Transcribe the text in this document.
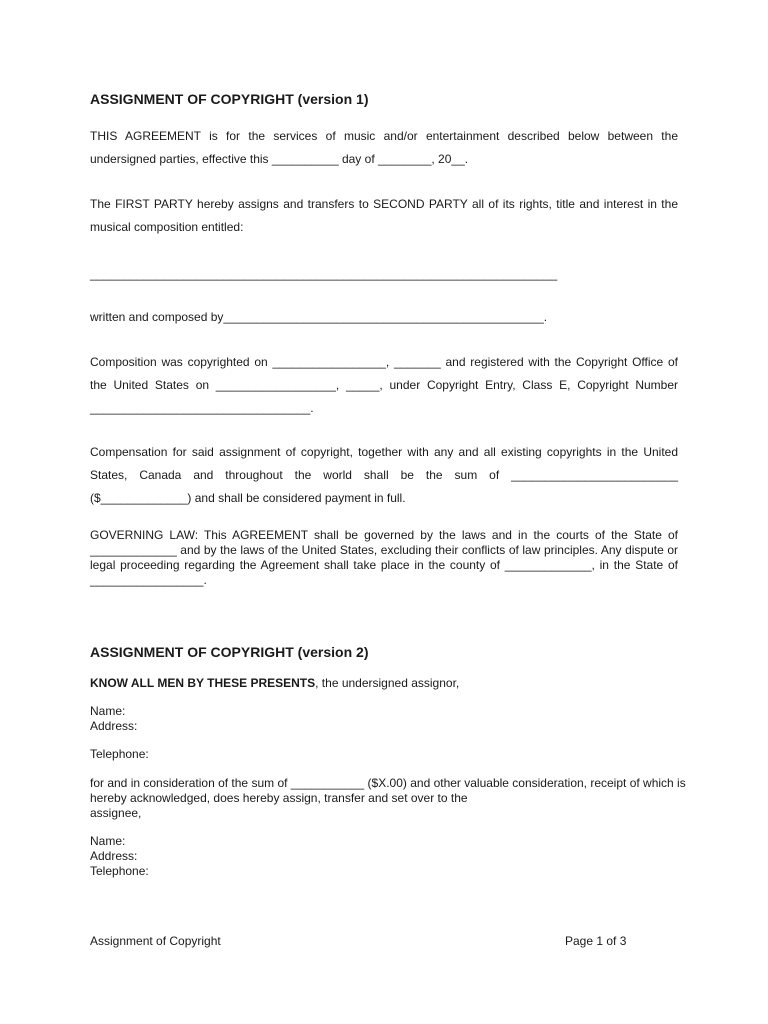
ASSIGNMENT OF COPYRIGHT (version 1)
THIS AGREEMENT is for the services of music and/or entertainment described below between the undersigned parties, effective this __________ day of ________, 20__.
The FIRST PARTY hereby assigns and transfers to SECOND PARTY all of its rights, title and interest in the musical composition entitled:
______________________________________________________________________
written and composed by________________________________________________.
Composition was copyrighted on _________________, _______ and registered with the Copyright Office of the United States on __________________, _____, under Copyright Entry, Class E, Copyright Number _________________________________.
Compensation for said assignment of copyright, together with any and all existing copyrights in the United States, Canada and throughout the world shall be the sum of _________________________ ($_____________) and shall be considered payment in full.
GOVERNING LAW: This AGREEMENT shall be governed by the laws and in the courts of the State of _____________ and by the laws of the United States, excluding their conflicts of law principles. Any dispute or legal proceeding regarding the Agreement shall take place in the county of _____________, in the State of _________________.
ASSIGNMENT OF COPYRIGHT (version 2)
KNOW ALL MEN BY THESE PRESENTS, the undersigned assignor,
Name:
Address:
Telephone:
for and in consideration of the sum of ___________ ($X.00) and other valuable consideration, receipt of which is hereby acknowledged, does hereby assign, transfer and set over to the
assignee,
Name:
Address:
Telephone:
Assignment of Copyright	Page 1 of 3
